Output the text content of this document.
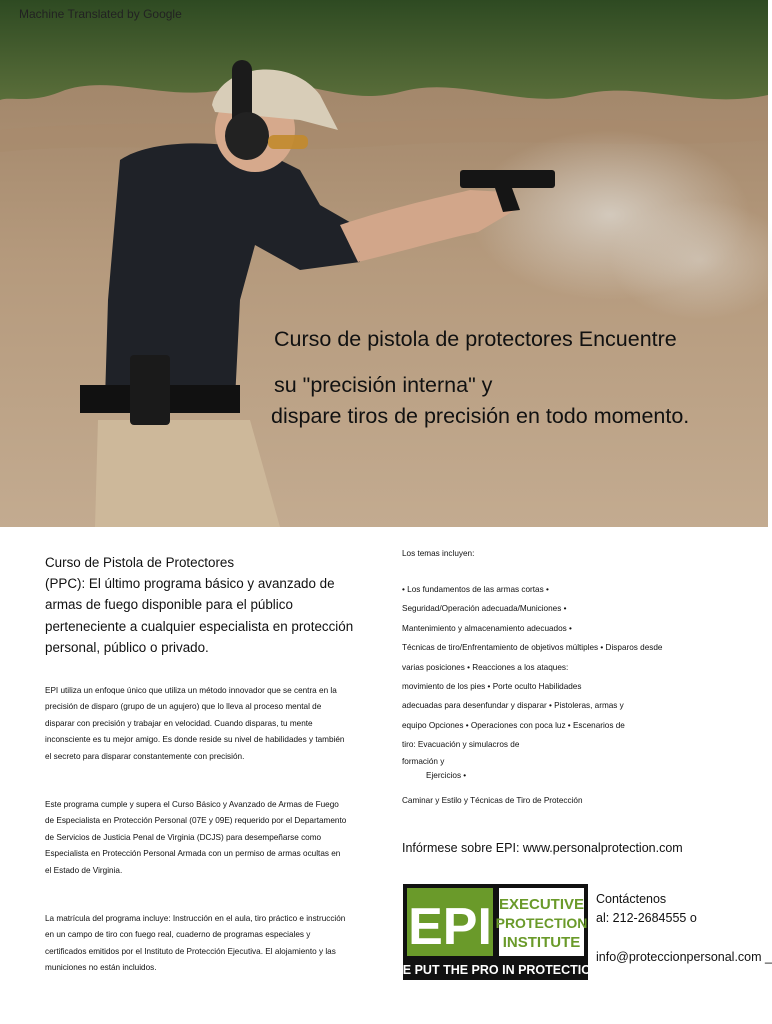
Machine Translated by Google
Curso de pistola de protectores Encuentre
su "precisión interna" y
dispare tiros de precisión en todo momento.
Curso de Pistola de Protectores
(PPC): El último programa básico y avanzado de
armas de fuego disponible para el público
perteneciente a cualquier especialista en protección
personal, público o privado.

EPI utiliza un enfoque único que utiliza un método innovador que se centra en la

precisión de disparo (grupo de un agujero) que lo lleva al proceso mental de

disparar con precisión y trabajar en velocidad. Cuando disparas, tu mente

inconsciente es tu mejor amigo. Es donde reside su nivel de habilidades y también

el secreto para disparar constantemente con precisión.

Este programa cumple y supera el Curso Básico y Avanzado de Armas de Fuego

de Especialista en Protección Personal (07E y 09E) requerido por el Departamento

de Servicios de Justicia Penal de Virginia (DCJS) para desempeñarse como

Especialista en Protección Personal Armada con un permiso de armas ocultas en

el Estado de Virginia.

La matrícula del programa incluye: Instrucción en el aula, tiro práctico e instrucción

en un campo de tiro con fuego real, cuaderno de programas especiales y

certificados emitidos por el Instituto de Protección Ejecutiva. El alojamiento y las

municiones no están incluidos.

Los temas incluyen:

• Los fundamentos de las armas cortas •

Seguridad/Operación adecuada/Municiones •

Mantenimiento y almacenamiento adecuados •

Técnicas de tiro/Enfrentamiento de objetivos múltiples • Disparos desde

varias posiciones • Reacciones a los ataques:

movimiento de los pies • Porte oculto Habilidades

adecuadas para desenfundar y disparar • Pistoleras, armas y

equipo Opciones • Operaciones con poca luz • Escenarios de

tiro: Evacuación y simulacros de

formación y

Ejercicios •

Caminar y Estilo y Técnicas de Tiro de Protección

Infórmese sobre EPI: www.personalprotection.com
EPI EXECUTIVE
PROTECTION
INSTITUTE
WE PUT THE PRO IN PROTECTION
Contáctenos
al: 212-2684555 o
info@proteccionpersonal.com _
